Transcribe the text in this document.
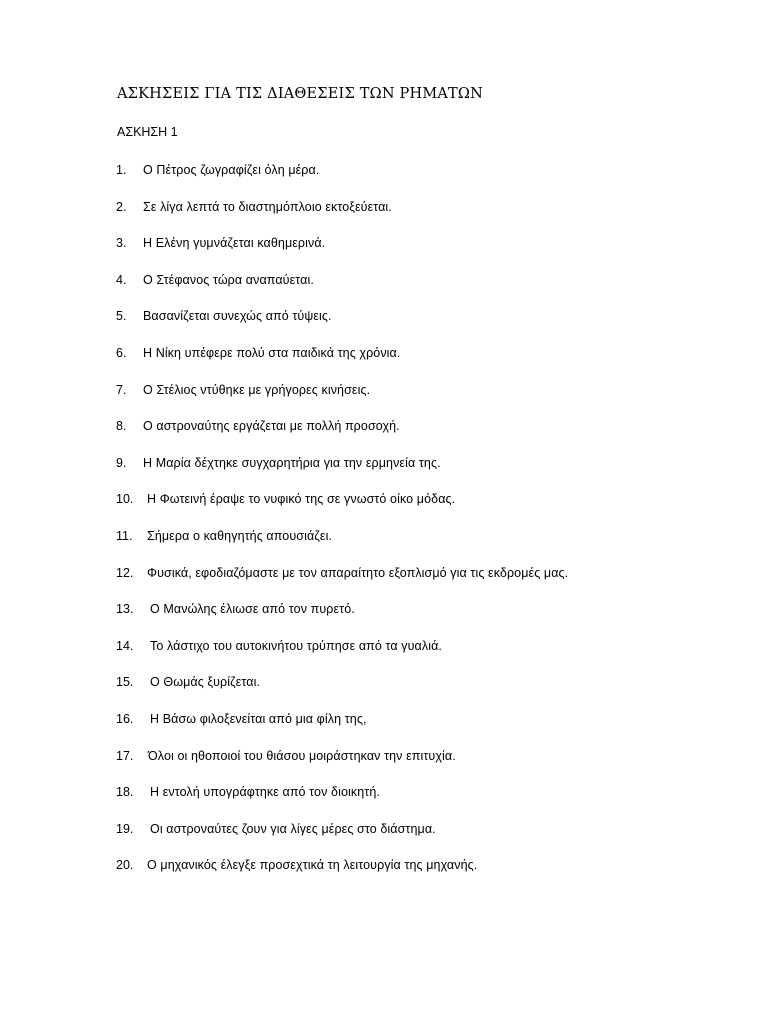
ΑΣΚΗΣΕΙΣ ΓΙΑ ΤΙΣ ΔΙΑΘΕΣΕΙΣ ΤΩΝ ΡΗΜΑΤΩΝ
ΑΣΚΗΣΗ 1
1. Ο Πέτρος ζωγραφίζει όλη μέρα.
2. Σε λίγα λεπτά το διαστημόπλοιο εκτοξεύεται.
3. Η Ελένη γυμνάζεται καθημερινά.
4. Ο Στέφανος τώρα αναπαύεται.
5. Βασανίζεται συνεχώς από τύψεις.
6. Η Νίκη υπέφερε πολύ στα παιδικά της χρόνια.
7. Ο Στέλιος ντύθηκε με γρήγορες κινήσεις.
8. Ο αστροναύτης εργάζεται με πολλή προσοχή.
9. Η Μαρία δέχτηκε συγχαρητήρια για την ερμηνεία της.
10. Η Φωτεινή έραψε το νυφικό της σε γνωστό οίκο μόδας.
11. Σήμερα ο καθηγητής απουσιάζει.
12. Φυσικά, εφοδιαζόμαστε με τον απαραίτητο εξοπλισμό για τις εκδρομές μας.
13. Ο Μανώλης έλιωσε από τον πυρετό.
14. Το λάστιχο του αυτοκινήτου τρύπησε από τα γυαλιά.
15. Ο Θωμάς ξυρίζεται.
16. Η Βάσω φιλοξενείται από μια φίλη της,
17. Όλοι οι ηθοποιοί του θιάσου μοιράστηκαν την επιτυχία.
18. Η εντολή υπογράφτηκε από τον διοικητή.
19. Οι αστροναύτες ζουν για λίγες μέρες στο διάστημα.
20. Ο μηχανικός έλεγξε προσεχτικά τη λειτουργία της μηχανής.
